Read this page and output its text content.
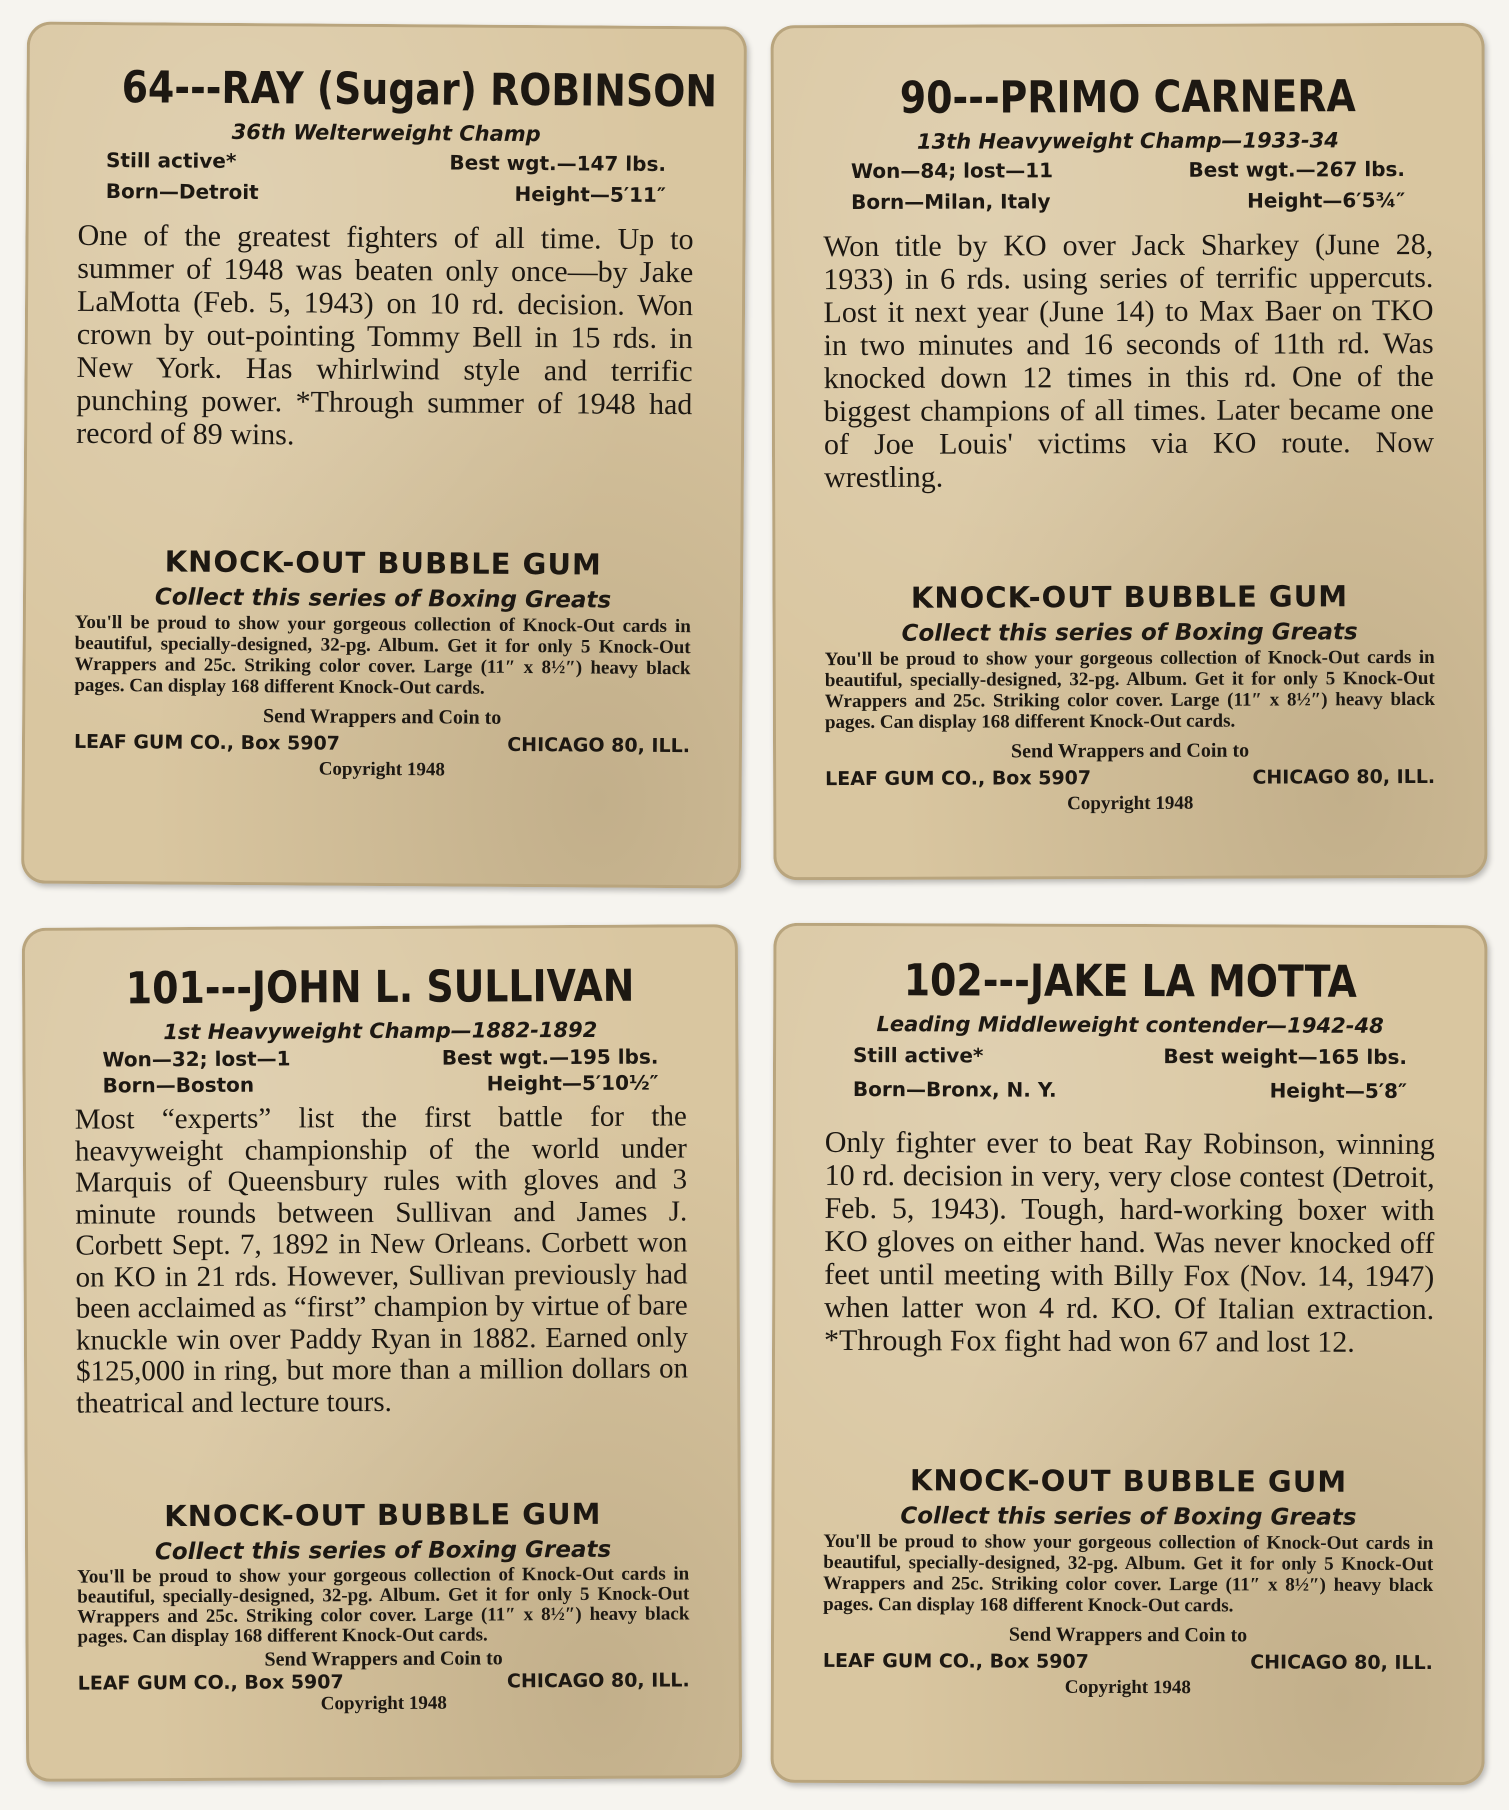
64---RAY (Sugar) ROBINSON
36th Welterweight Champ
Still active*	Best wgt.—147 lbs.
Born—Detroit	Height—5′11″
One of the greatest fighters of all time. Up to summer of 1948 was beaten only once—by Jake LaMotta (Feb. 5, 1943) on 10 rd. decision. Won crown by out-pointing Tommy Bell in 15 rds. in New York. Has whirlwind style and terrific punching power. *Through summer of 1948 had record of 89 wins.
KNOCK-OUT BUBBLE GUM
Collect this series of Boxing Greats
You'll be proud to show your gorgeous collection of Knock-Out cards in beautiful, specially-designed, 32-pg. Album. Get it for only 5 Knock-Out Wrappers and 25c. Striking color cover. Large (11″ x 8½″) heavy black pages. Can display 168 different Knock-Out cards.
Send Wrappers and Coin to
LEAF GUM CO., Box 5907	CHICAGO 80, ILL.
Copyright 1948
90---PRIMO CARNERA
13th Heavyweight Champ—1933-34
Won—84; lost—11	Best wgt.—267 lbs.
Born—Milan, Italy	Height—6′5¾″
Won title by KO over Jack Sharkey (June 28, 1933) in 6 rds. using series of terrific uppercuts. Lost it next year (June 14) to Max Baer on TKO in two minutes and 16 seconds of 11th rd. Was knocked down 12 times in this rd. One of the biggest champions of all times. Later became one of Joe Louis' victims via KO route. Now wrestling.
KNOCK-OUT BUBBLE GUM
Collect this series of Boxing Greats
You'll be proud to show your gorgeous collection of Knock-Out cards in beautiful, specially-designed, 32-pg. Album. Get it for only 5 Knock-Out Wrappers and 25c. Striking color cover. Large (11″ x 8½″) heavy black pages. Can display 168 different Knock-Out cards.
Send Wrappers and Coin to
LEAF GUM CO., Box 5907	CHICAGO 80, ILL.
Copyright 1948
101---JOHN L. SULLIVAN
1st Heavyweight Champ—1882-1892
Won—32; lost—1	Best wgt.—195 lbs.
Born—Boston	Height—5′10½″
Most “experts” list the first battle for the heavyweight championship of the world under Marquis of Queensbury rules with gloves and 3 minute rounds between Sullivan and James J. Corbett Sept. 7, 1892 in New Orleans. Corbett won on KO in 21 rds. However, Sullivan previously had been acclaimed as “first” champion by virtue of bare knuckle win over Paddy Ryan in 1882. Earned only $125,000 in ring, but more than a million dollars on theatrical and lecture tours.
KNOCK-OUT BUBBLE GUM
Collect this series of Boxing Greats
You'll be proud to show your gorgeous collection of Knock-Out cards in beautiful, specially-designed, 32-pg. Album. Get it for only 5 Knock-Out Wrappers and 25c. Striking color cover. Large (11″ x 8½″) heavy black pages. Can display 168 different Knock-Out cards.
Send Wrappers and Coin to
LEAF GUM CO., Box 5907	CHICAGO 80, ILL.
Copyright 1948
102---JAKE LA MOTTA
Leading Middleweight contender—1942-48
Still active*	Best weight—165 lbs.
Born—Bronx, N. Y.	Height—5′8″
Only fighter ever to beat Ray Robinson, winning 10 rd. decision in very, very close contest (Detroit, Feb. 5, 1943). Tough, hard-working boxer with KO gloves on either hand. Was never knocked off feet until meeting with Billy Fox (Nov. 14, 1947) when latter won 4 rd. KO. Of Italian extraction. *Through Fox fight had won 67 and lost 12.
KNOCK-OUT BUBBLE GUM
Collect this series of Boxing Greats
You'll be proud to show your gorgeous collection of Knock-Out cards in beautiful, specially-designed, 32-pg. Album. Get it for only 5 Knock-Out Wrappers and 25c. Striking color cover. Large (11″ x 8½″) heavy black pages. Can display 168 different Knock-Out cards.
Send Wrappers and Coin to
LEAF GUM CO., Box 5907	CHICAGO 80, ILL.
Copyright 1948
